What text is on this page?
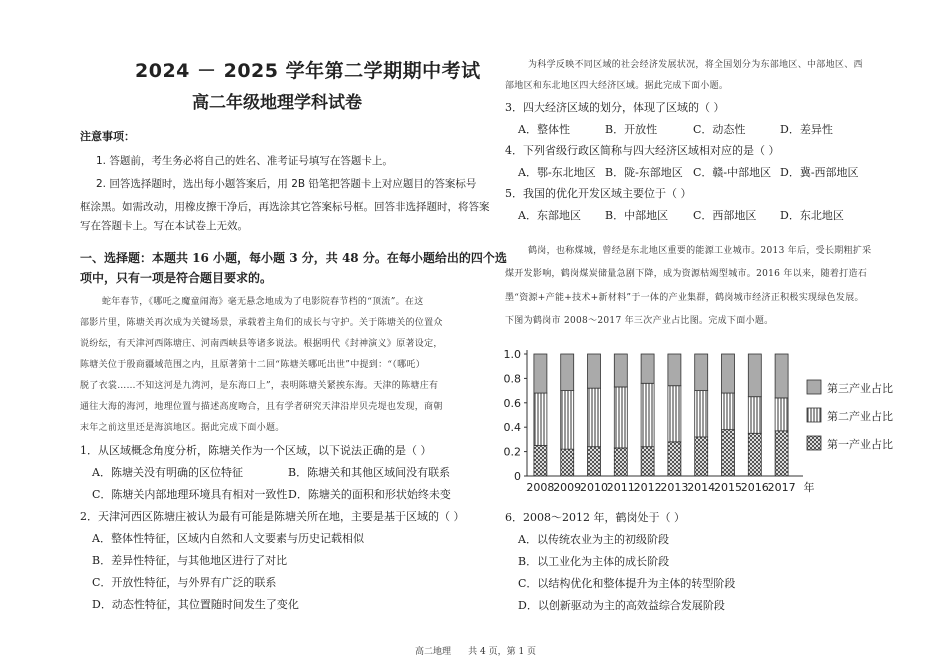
2024 － 2025 学年第二学期期中考试
高二年级地理学科试卷
注意事项：
1. 答题前，考生务必将自己的姓名、准考证号填写在答题卡上。
2. 回答选择题时，选出每小题答案后，用 2B 铅笔把答题卡上对应题目的答案标号
框涂黑。如需改动，用橡皮擦干净后，再选涂其它答案标号框。回答非选择题时，将答案
写在答题卡上。写在本试卷上无效。
一、选择题：本题共 16 小题，每小题 3 分，共 48 分。在每小题给出的四个选
项中，只有一项是符合题目要求的。
蛇年春节，《哪吒之魔童闹海》毫无悬念地成为了电影院春节档的“顶流”。在这
部影片里，陈塘关再次成为关键场景，承载着主角们的成长与守护。关于陈塘关的位置众
说纷纭，有天津河西陈塘庄、河南西峡县等诸多说法。根据明代《封神演义》原著设定，
陈塘关位于殷商疆域范围之内，且原著第十二回“陈塘关哪吒出世”中提到：“（哪吒）
脱了衣裳……不知这河是九湾河，是东海口上”，表明陈塘关紧挨东海。天津的陈塘庄有
通往大海的海河，地理位置与描述高度吻合，且有学者研究天津沿岸贝壳堤也发现，商朝
末年之前这里还是海滨地区。据此完成下面小题。
1．从区域概念角度分析，陈塘关作为一个区域，以下说法正确的是（ ）
A．陈塘关没有明确的区位特征	B．陈塘关和其他区域间没有联系
C．陈塘关内部地理环境具有相对一致性 D．陈塘关的面积和形状始终未变
2．天津河西区陈塘庄被认为最有可能是陈塘关所在地，主要是基于区域的（ ）
A．整体性特征，区域内自然和人文要素与历史记载相似
B．差异性特征，与其他地区进行了对比
C．开放性特征，与外界有广泛的联系
D．动态性特征，其位置随时间发生了变化
为科学反映不同区域的社会经济发展状况，将全国划分为东部地区、中部地区、西
部地区和东北地区四大经济区域。据此完成下面小题。
3．四大经济区域的划分，体现了区域的（ ）
A．整体性	B．开放性	C．动态性	D．差异性
4．下列省级行政区简称与四大经济区域相对应的是（ ）
A．鄂-东北地区 B．陇-东部地区 C．赣-中部地区 D．冀-西部地区
5．我国的优化开发区域主要位于（ ）
A．东部地区 B．中部地区 C．西部地区 D．东北地区
鹤岗，也称煤城，曾经是东北地区重要的能源工业城市。2013 年后，受长期粗扩采
煤开发影响，鹤岗煤炭储量急剧下降，成为资源枯竭型城市。2016 年以来，随着打造石
墨“资源+产能+技术+新材料”于一体的产业集群，鹤岗城市经济正积极实现绿色发展。
下图为鹤岗市 2008～2017 年三次产业占比图。完成下面小题。
0
0.2
0.4
0.6
0.8
1.0
2008
2009
2010
2011
2012
2013
2014
2015
2016
2017 年
第三产业占比
第二产业占比
第一产业占比
6．2008～2012 年，鹤岗处于（ ）
A．以传统农业为主的初级阶段
B．以工业化为主体的成长阶段
C．以结构优化和整体提升为主体的转型阶段
D．以创新驱动为主的高效益综合发展阶段
高二地理      共 4 页，第 1 页
